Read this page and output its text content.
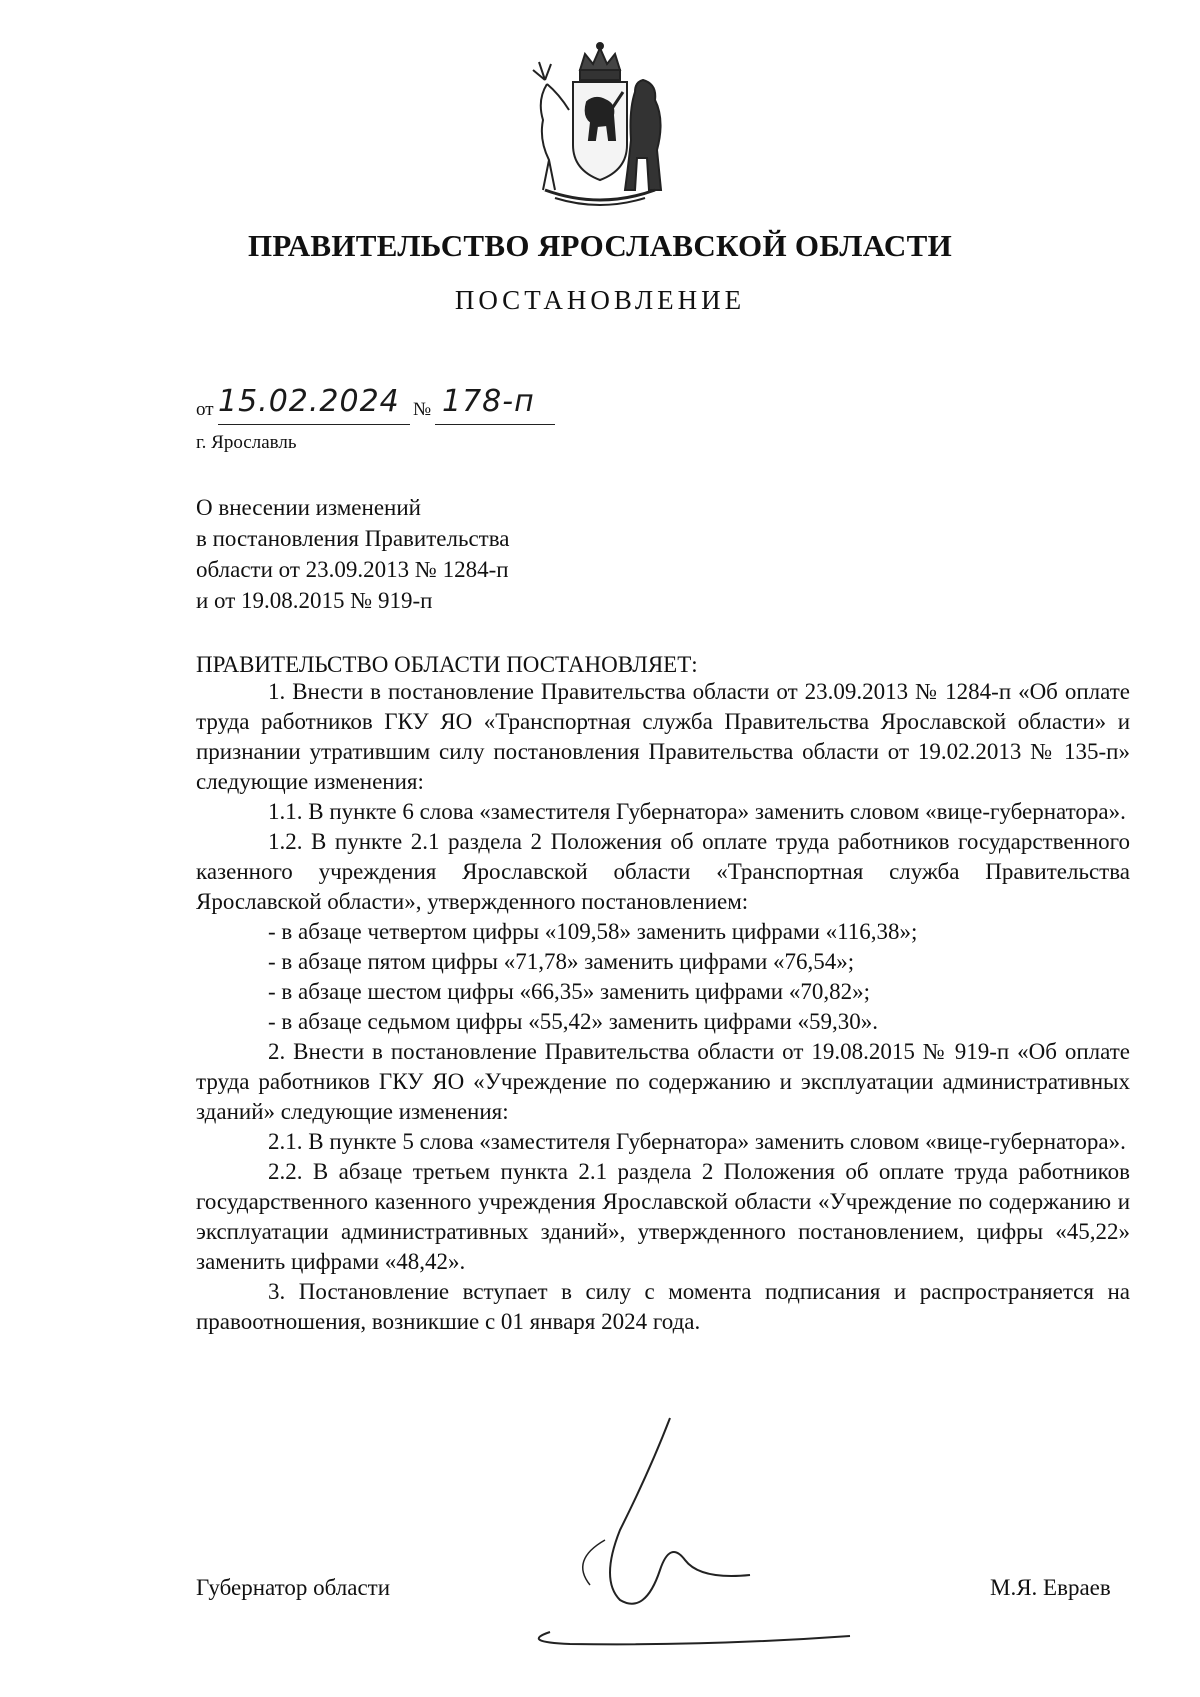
ПРАВИТЕЛЬСТВО ЯРОСЛАВСКОЙ ОБЛАСТИ
ПОСТАНОВЛЕНИЕ
от 15.02.2024 № 178-п
г. Ярославль
О внесении изменений
в постановления Правительства
области от 23.09.2013 № 1284-п
и от 19.08.2015 № 919-п
ПРАВИТЕЛЬСТВО ОБЛАСТИ ПОСТАНОВЛЯЕТ:

1. Внести в постановление Правительства области от 23.09.2013 № 1284-п «Об оплате труда работников ГКУ ЯО «Транспортная служба Правительства Ярославской области» и признании утратившим силу постановления Правительства области от 19.02.2013 № 135-п» следующие изменения:

1.1. В пункте 6 слова «заместителя Губернатора» заменить словом «вице-губернатора».

1.2. В пункте 2.1 раздела 2 Положения об оплате труда работников государственного казенного учреждения Ярославской области «Транспортная служба Правительства Ярославской области», утвержденного постановлением:

- в абзаце четвертом цифры «109,58» заменить цифрами «116,38»;

- в абзаце пятом цифры «71,78» заменить цифрами «76,54»;

- в абзаце шестом цифры «66,35» заменить цифрами «70,82»;

- в абзаце седьмом цифры «55,42» заменить цифрами «59,30».

2. Внести в постановление Правительства области от 19.08.2015 № 919-п «Об оплате труда работников ГКУ ЯО «Учреждение по содержанию и эксплуатации административных зданий» следующие изменения:

2.1. В пункте 5 слова «заместителя Губернатора» заменить словом «вице-губернатора».

2.2. В абзаце третьем пункта 2.1 раздела 2 Положения об оплате труда работников государственного казенного учреждения Ярославской области «Учреждение по содержанию и эксплуатации административных зданий», утвержденного постановлением, цифры «45,22» заменить цифрами «48,42».

3. Постановление вступает в силу с момента подписания и распространяется на правоотношения, возникшие с 01 января 2024 года.

Губернатор области	М.Я. Евраев
